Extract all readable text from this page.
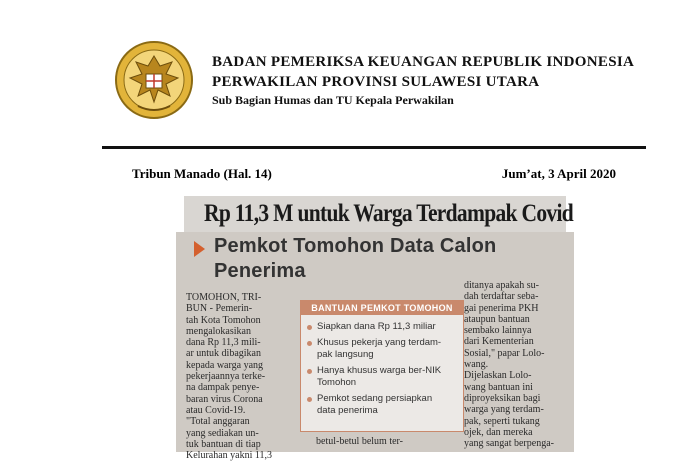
BADAN PEMERIKSA KEUANGAN REPUBLIK INDONESIA
PERWAKILAN PROVINSI SULAWESI UTARA
Sub Bagian Humas dan TU Kepala Perwakilan
Tribun Manado (Hal. 14)	Jum’at, 3 April 2020
Rp 11,3 M untuk Warga Terdampak Covid
Pemkot Tomohon Data Calon
Penerima

TOMOHON, TRI-

BUN - Pemerin-

tah Kota Tomohon

mengalokasikan

dana Rp 11,3 mili-

ar untuk dibagikan

kepada warga yang

pekerjaannya terke-

na dampak penye-

baran virus Corona

atau Covid-19.

"Total anggaran

yang sediakan un-

tuk bantuan di tiap

Kelurahan yakni 11,3

BANTUAN PEMKOT TOMOHON
Siapkan dana Rp 11,3 miliar
Khusus pekerja yang terdam-
pak langsung
Hanya khusus warga ber-NIK
Tomohon
Pemkot sedang persiapkan
data penerima

betul-betul belum ter-

ditanya apakah su-

dah terdaftar seba-

gai penerima PKH

ataupun bantuan

sembako lainnya

dari Kementerian

Sosial," papar Lolo-

wang.

Dijelaskan Lolo-

wang bantuan ini

diproyeksikan bagi

warga yang terdam-

pak, seperti tukang

ojek, dan mereka

yang sangat berpenga-
